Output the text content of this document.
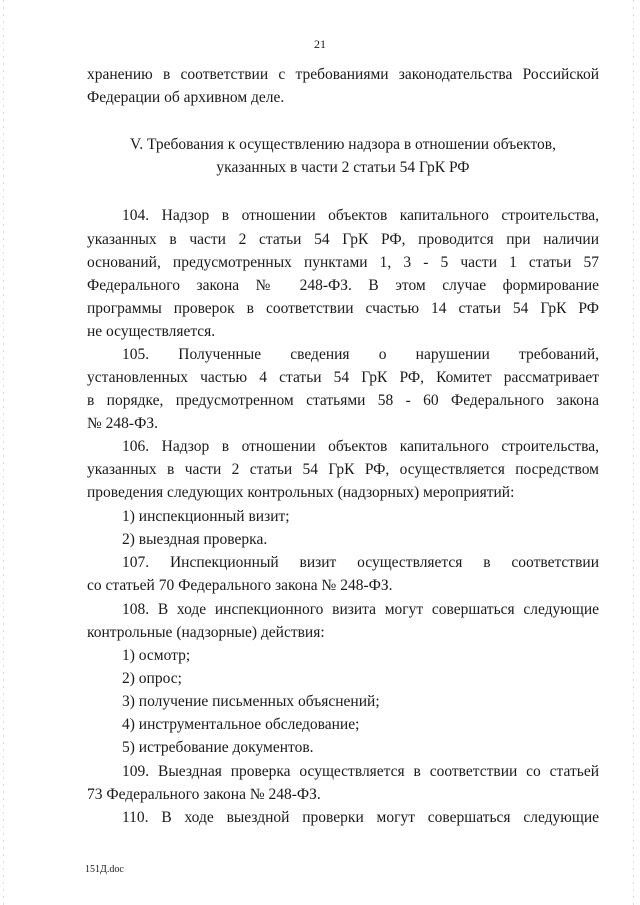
21

хранению в соответствии с требованиями законодательства Российской

Федерации об архивном деле.

V. Требования к осуществлению надзора в отношении объектов,

указанных в части 2 статьи 54 ГрК РФ

104. Надзор в отношении объектов капитального строительства,

указанных в части 2 статьи 54 ГрК РФ, проводится при наличии

оснований, предусмотренных пунктами 1, 3 - 5 части 1 статьи 57

Федерального закона № 248-ФЗ. В этом случае формирование

программы проверок в соответствии счастью 14 статьи 54 ГрК РФ

не осуществляется.

105. Полученные сведения о нарушении требований,

установленных частью 4 статьи 54 ГрК РФ, Комитет рассматривает

в порядке, предусмотренном статьями 58 - 60 Федерального закона

№ 248-ФЗ.

106. Надзор в отношении объектов капитального строительства,

указанных в части 2 статьи 54 ГрК РФ, осуществляется посредством

проведения следующих контрольных (надзорных) мероприятий:

1) инспекционный визит;

2) выездная проверка.

107. Инспекционный визит осуществляется в соответствии

со статьей 70 Федерального закона № 248-ФЗ.

108. В ходе инспекционного визита могут совершаться следующие

контрольные (надзорные) действия:

1) осмотр;

2) опрос;

3) получение письменных объяснений;

4) инструментальное обследование;

5) истребование документов.

109. Выездная проверка осуществляется в соответствии со статьей

73 Федерального закона № 248-ФЗ.

110. В ходе выездной проверки могут совершаться следующие

151Д.doc
